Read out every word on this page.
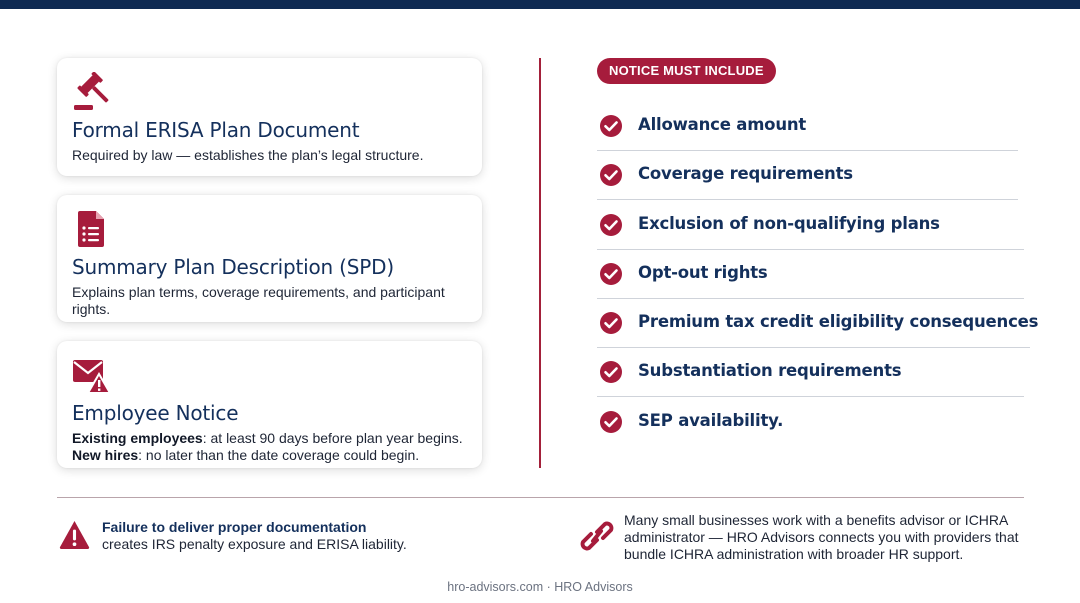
Formal ERISA Plan Document
Required by law — establishes the plan’s legal structure.
Summary Plan Description (SPD)
Explains plan terms, coverage requirements, and participant rights.
Employee Notice
Existing employees: at least 90 days before plan year begins.
New hires: no later than the date coverage could begin.
NOTICE MUST INCLUDE
Allowance amount
Coverage requirements
Exclusion of non-qualifying plans
Opt-out rights
Premium tax credit eligibility consequences
Substantiation requirements
SEP availability.
Failure to deliver proper documentation
creates IRS penalty exposure and ERISA liability.
Many small businesses work with a benefits advisor or ICHRA administrator — HRO Advisors connects you with providers that bundle ICHRA administration with broader HR support.
hro-advisors.com · HRO Advisors
